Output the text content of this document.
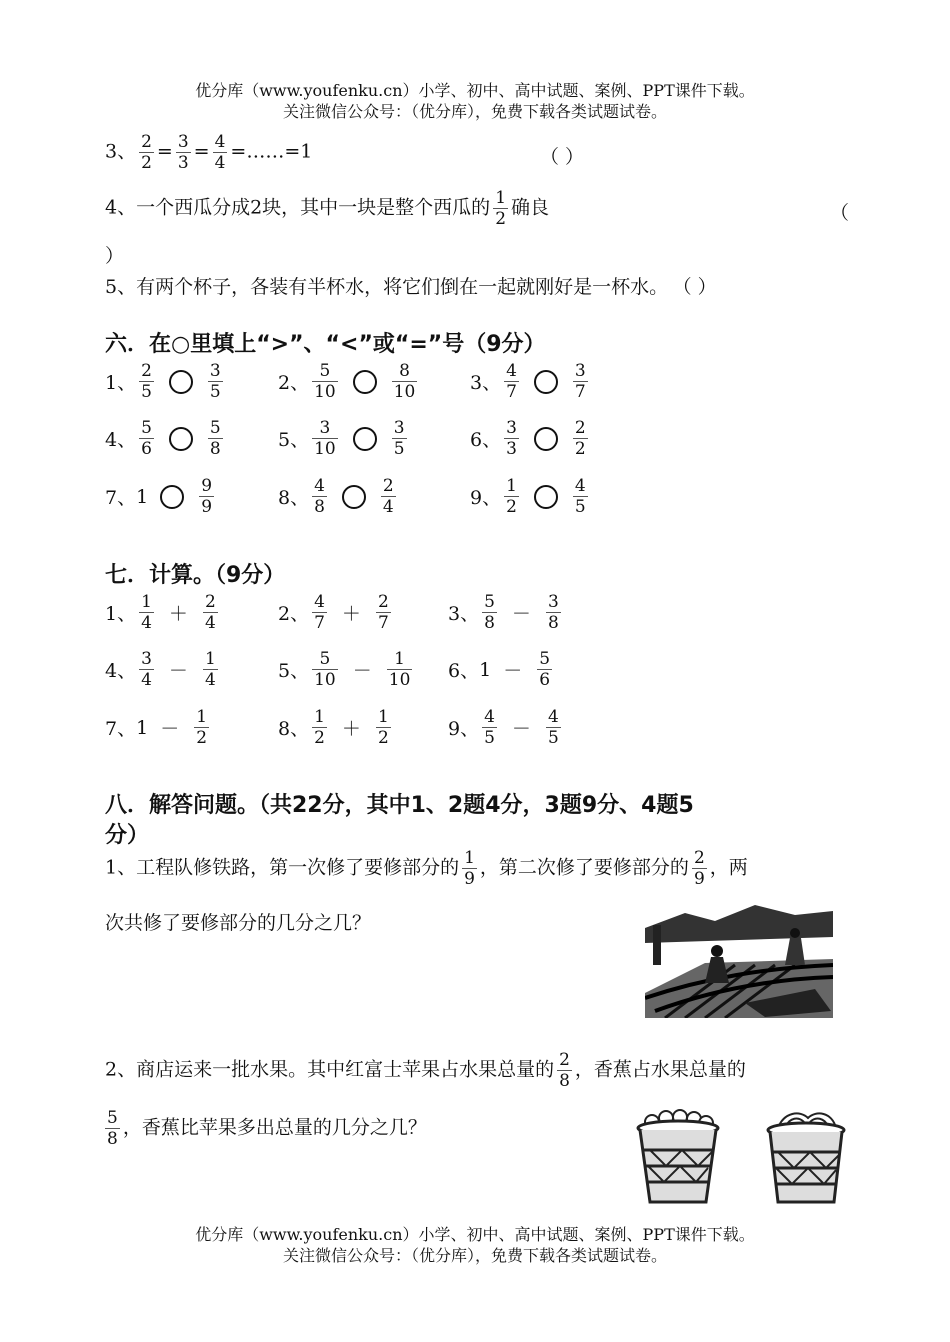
优分库（www.youfenku.cn）小学、初中、高中试题、案例、PPT课件下载。
关注微信公众号：（优分库），免费下载各类试题试卷。
3、 $\frac{2}{2} = \frac{3}{3} = \frac{4}{4}$ =……=1	（ ）
4、一个西瓜分成2块，其中一块是整个西瓜的 $\frac{1}{2}$ 确良	（
）
5、有两个杯子，各装有半杯水，将它们倒在一起就刚好是一杯水。 （ ）
六．在○里填上“>”、“<”或“=”号（9分）
1、 $\frac{2}{5}$	$\frac{3}{5}$	2、 $\frac{5}{10}$	$\frac{8}{10}$	3、 $\frac{4}{7}$	$\frac{3}{7}$
4、 $\frac{5}{6}$	$\frac{5}{8}$	5、 $\frac{3}{10}$	$\frac{3}{5}$	6、 $\frac{3}{3}$	$\frac{2}{2}$
7、 1	$\frac{9}{9}$	8、 $\frac{4}{8}$	$\frac{2}{4}$	9、 $\frac{1}{2}$	$\frac{4}{5}$
七．计算。（9分）
1、 $\frac{1}{4} + \frac{2}{4}$	2、 $\frac{4}{7} + \frac{2}{7}$	3、 $\frac{5}{8} - \frac{3}{8}$
4、 $\frac{3}{4} - \frac{1}{4}$	5、 $\frac{5}{10} - \frac{1}{10} 6$、 $1 - \frac{5}{6}$
7、 $1 - \frac{1}{2}$	8、 $\frac{1}{2} + \frac{1}{2}$	9、 $\frac{4}{5} - \frac{4}{5}$
八．解答问题。（共22分，其中1、2题4分，3题9分、4题5
分）
1、工程队修铁路，第一次修了要修部分的 $\frac{1}{9}$ ，第二次修了要修部分的 $\frac{2}{9}$ ，两
次共修了要修部分的几分之几？
2、商店运来一批水果。其中红富士苹果占水果总量的 $\frac{2}{8}$ ，香蕉占水果总量的
$\frac{5}{8}$ ，香蕉比苹果多出总量的几分之几？
优分库（www.youfenku.cn）小学、初中、高中试题、案例、PPT课件下载。
关注微信公众号：（优分库），免费下载各类试题试卷。
